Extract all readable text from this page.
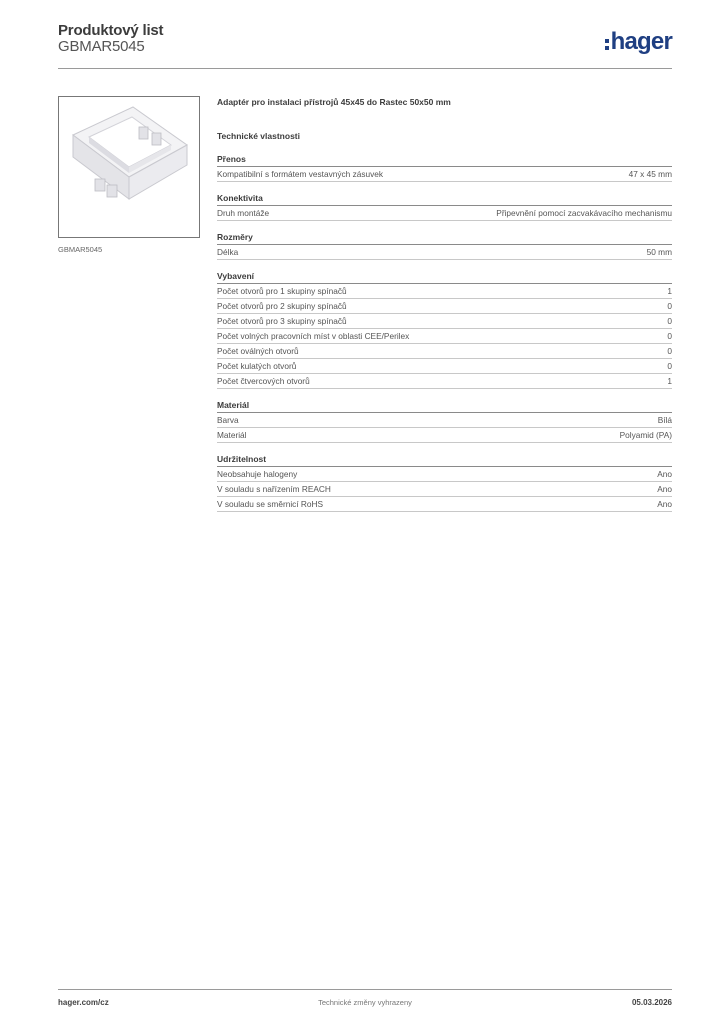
Produktový list
GBMAR5045	hager
GBMAR5045
Adaptér pro instalaci přístrojů 45x45 do Rastec 50x50 mm
Technické vlastnosti
Přenos
Kompatibilní s formátem vestavných zásuvek	47 x 45 mm
Konektivita
Druh montáže	Připevnění pomocí zacvakávacího mechanismu
Rozměry
Délka	50 mm
Vybavení
Počet otvorů pro 1 skupiny spínačů	1
Počet otvorů pro 2 skupiny spínačů	0
Počet otvorů pro 3 skupiny spínačů	0
Počet volných pracovních míst v oblasti CEE/Perilex	0
Počet oválných otvorů	0
Počet kulatých otvorů	0
Počet čtvercových otvorů	1
Materiál
Barva	Bílá
Materiál	Polyamid (PA)
Udržitelnost
Neobsahuje halogeny	Ano
V souladu s nařízením REACH	Ano
V souladu se směrnicí RoHS	Ano
hager.com/cz	Technické změny vyhrazeny	05.03.2026
